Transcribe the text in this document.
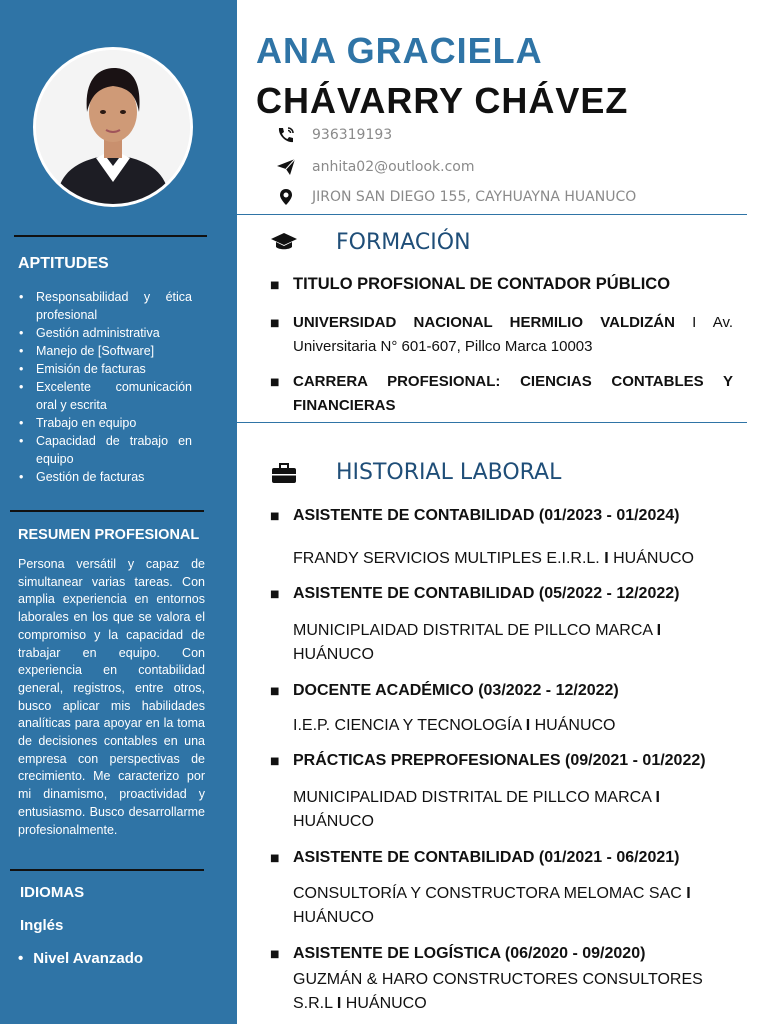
APTITUDES
• Responsabilidad y ética profesional
• Gestión administrativa
• Manejo de [Software]
• Emisión de facturas
• Excelente comunicación oral y escrita
• Trabajo en equipo
• Capacidad de trabajo en equipo
• Gestión de facturas
RESUMEN PROFESIONAL
Persona versátil y capaz de simultanear varias tareas. Con amplia experiencia en entornos laborales en los que se valora el compromiso y la capacidad de trabajar en equipo. Con experiencia en contabilidad general, registros, entre otros, busco aplicar mis habilidades analíticas para apoyar en la toma de decisiones contables en una empresa con perspectivas de crecimiento. Me caracterizo por mi dinamismo, proactividad y entusiasmo. Busco desarrollarme profesionalmente.
IDIOMAS
Inglés
• Nivel Avanzado
ANA GRACIELA
CHÁVARRY CHÁVEZ
936319193
anhita02@outlook.com
JIRON SAN DIEGO 155, CAYHUAYNA HUANUCO
FORMACIÓN
■ TITULO PROFSIONAL DE CONTADOR PÚBLICO
■ UNIVERSIDAD NACIONAL HERMILIO VALDIZÁN I Av. Universitaria N° 601-607, Pillco Marca 10003
■ CARRERA PROFESIONAL: CIENCIAS CONTABLES Y FINANCIERAS
HISTORIAL LABORAL
■ ASISTENTE DE CONTABILIDAD (01/2023 - 01/2024)
FRANDY SERVICIOS MULTIPLES E.I.R.L. I HUÁNUCO
■ ASISTENTE DE CONTABILIDAD (05/2022 - 12/2022)
MUNICIPLAIDAD DISTRITAL DE PILLCO MARCA I HUÁNUCO
■ DOCENTE ACADÉMICO (03/2022 - 12/2022)
I.E.P. CIENCIA Y TECNOLOGÍA I HUÁNUCO
■ PRÁCTICAS PREPROFESIONALES (09/2021 - 01/2022)
MUNICIPALIDAD DISTRITAL DE PILLCO MARCA I HUÁNUCO
■ ASISTENTE DE CONTABILIDAD (01/2021 - 06/2021)
CONSULTORÍA Y CONSTRUCTORA MELOMAC SAC I HUÁNUCO
■ ASISTENTE DE LOGÍSTICA (06/2020 - 09/2020)
GUZMÁN & HARO CONSTRUCTORES CONSULTORES S.R.L I HUÁNUCO
